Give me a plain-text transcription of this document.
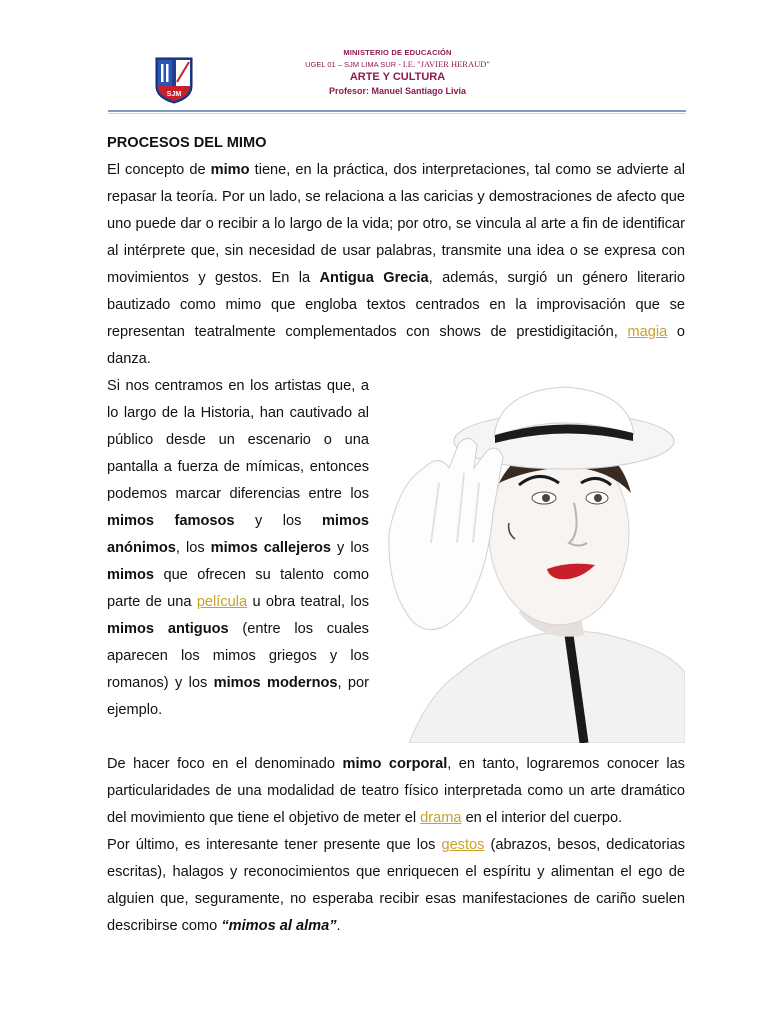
SJM
MINISTERIO DE EDUCACIÓN
UGEL 01 – SJM LIMA SUR - I.E. "JAVIER HERAUD"
ARTE Y CULTURA
Profesor: Manuel Santiago Livia
PROCESOS DEL MIMO

El concepto de mimo tiene, en la práctica, dos interpretaciones, tal como se advierte al repasar la teoría. Por un lado, se relaciona a las caricias y demostraciones de afecto que uno puede dar o recibir a lo largo de la vida; por otro, se vincula al arte a fin de identificar al intérprete que, sin necesidad de usar palabras, transmite una idea o se expresa con movimientos y gestos. En la Antigua Grecia, además, surgió un género literario bautizado como mimo que engloba textos centrados en la improvisación que se representan teatralmente complementados con shows de prestidigitación, magia o danza.

Si nos centramos en los artistas que, a lo largo de la Historia, han cautivado al público desde un escenario o una pantalla a fuerza de mímicas, entonces podemos marcar diferencias entre los mimos famosos y los mimos anónimos, los mimos callejeros y los mimos que ofrecen su talento como parte de una película u obra teatral, los mimos antiguos (entre los cuales aparecen los mimos griegos y los romanos) y los mimos modernos, por ejemplo.

De hacer foco en el denominado mimo corporal, en tanto, lograremos conocer las particularidades de una modalidad de teatro físico interpretada como un arte dramático del movimiento que tiene el objetivo de meter el drama en el interior del cuerpo.

Por último, es interesante tener presente que los gestos (abrazos, besos, dedicatorias escritas), halagos y reconocimientos que enriquecen el espíritu y alimentan el ego de alguien que, seguramente, no esperaba recibir esas manifestaciones de cariño suelen describirse como “mimos al alma”.
